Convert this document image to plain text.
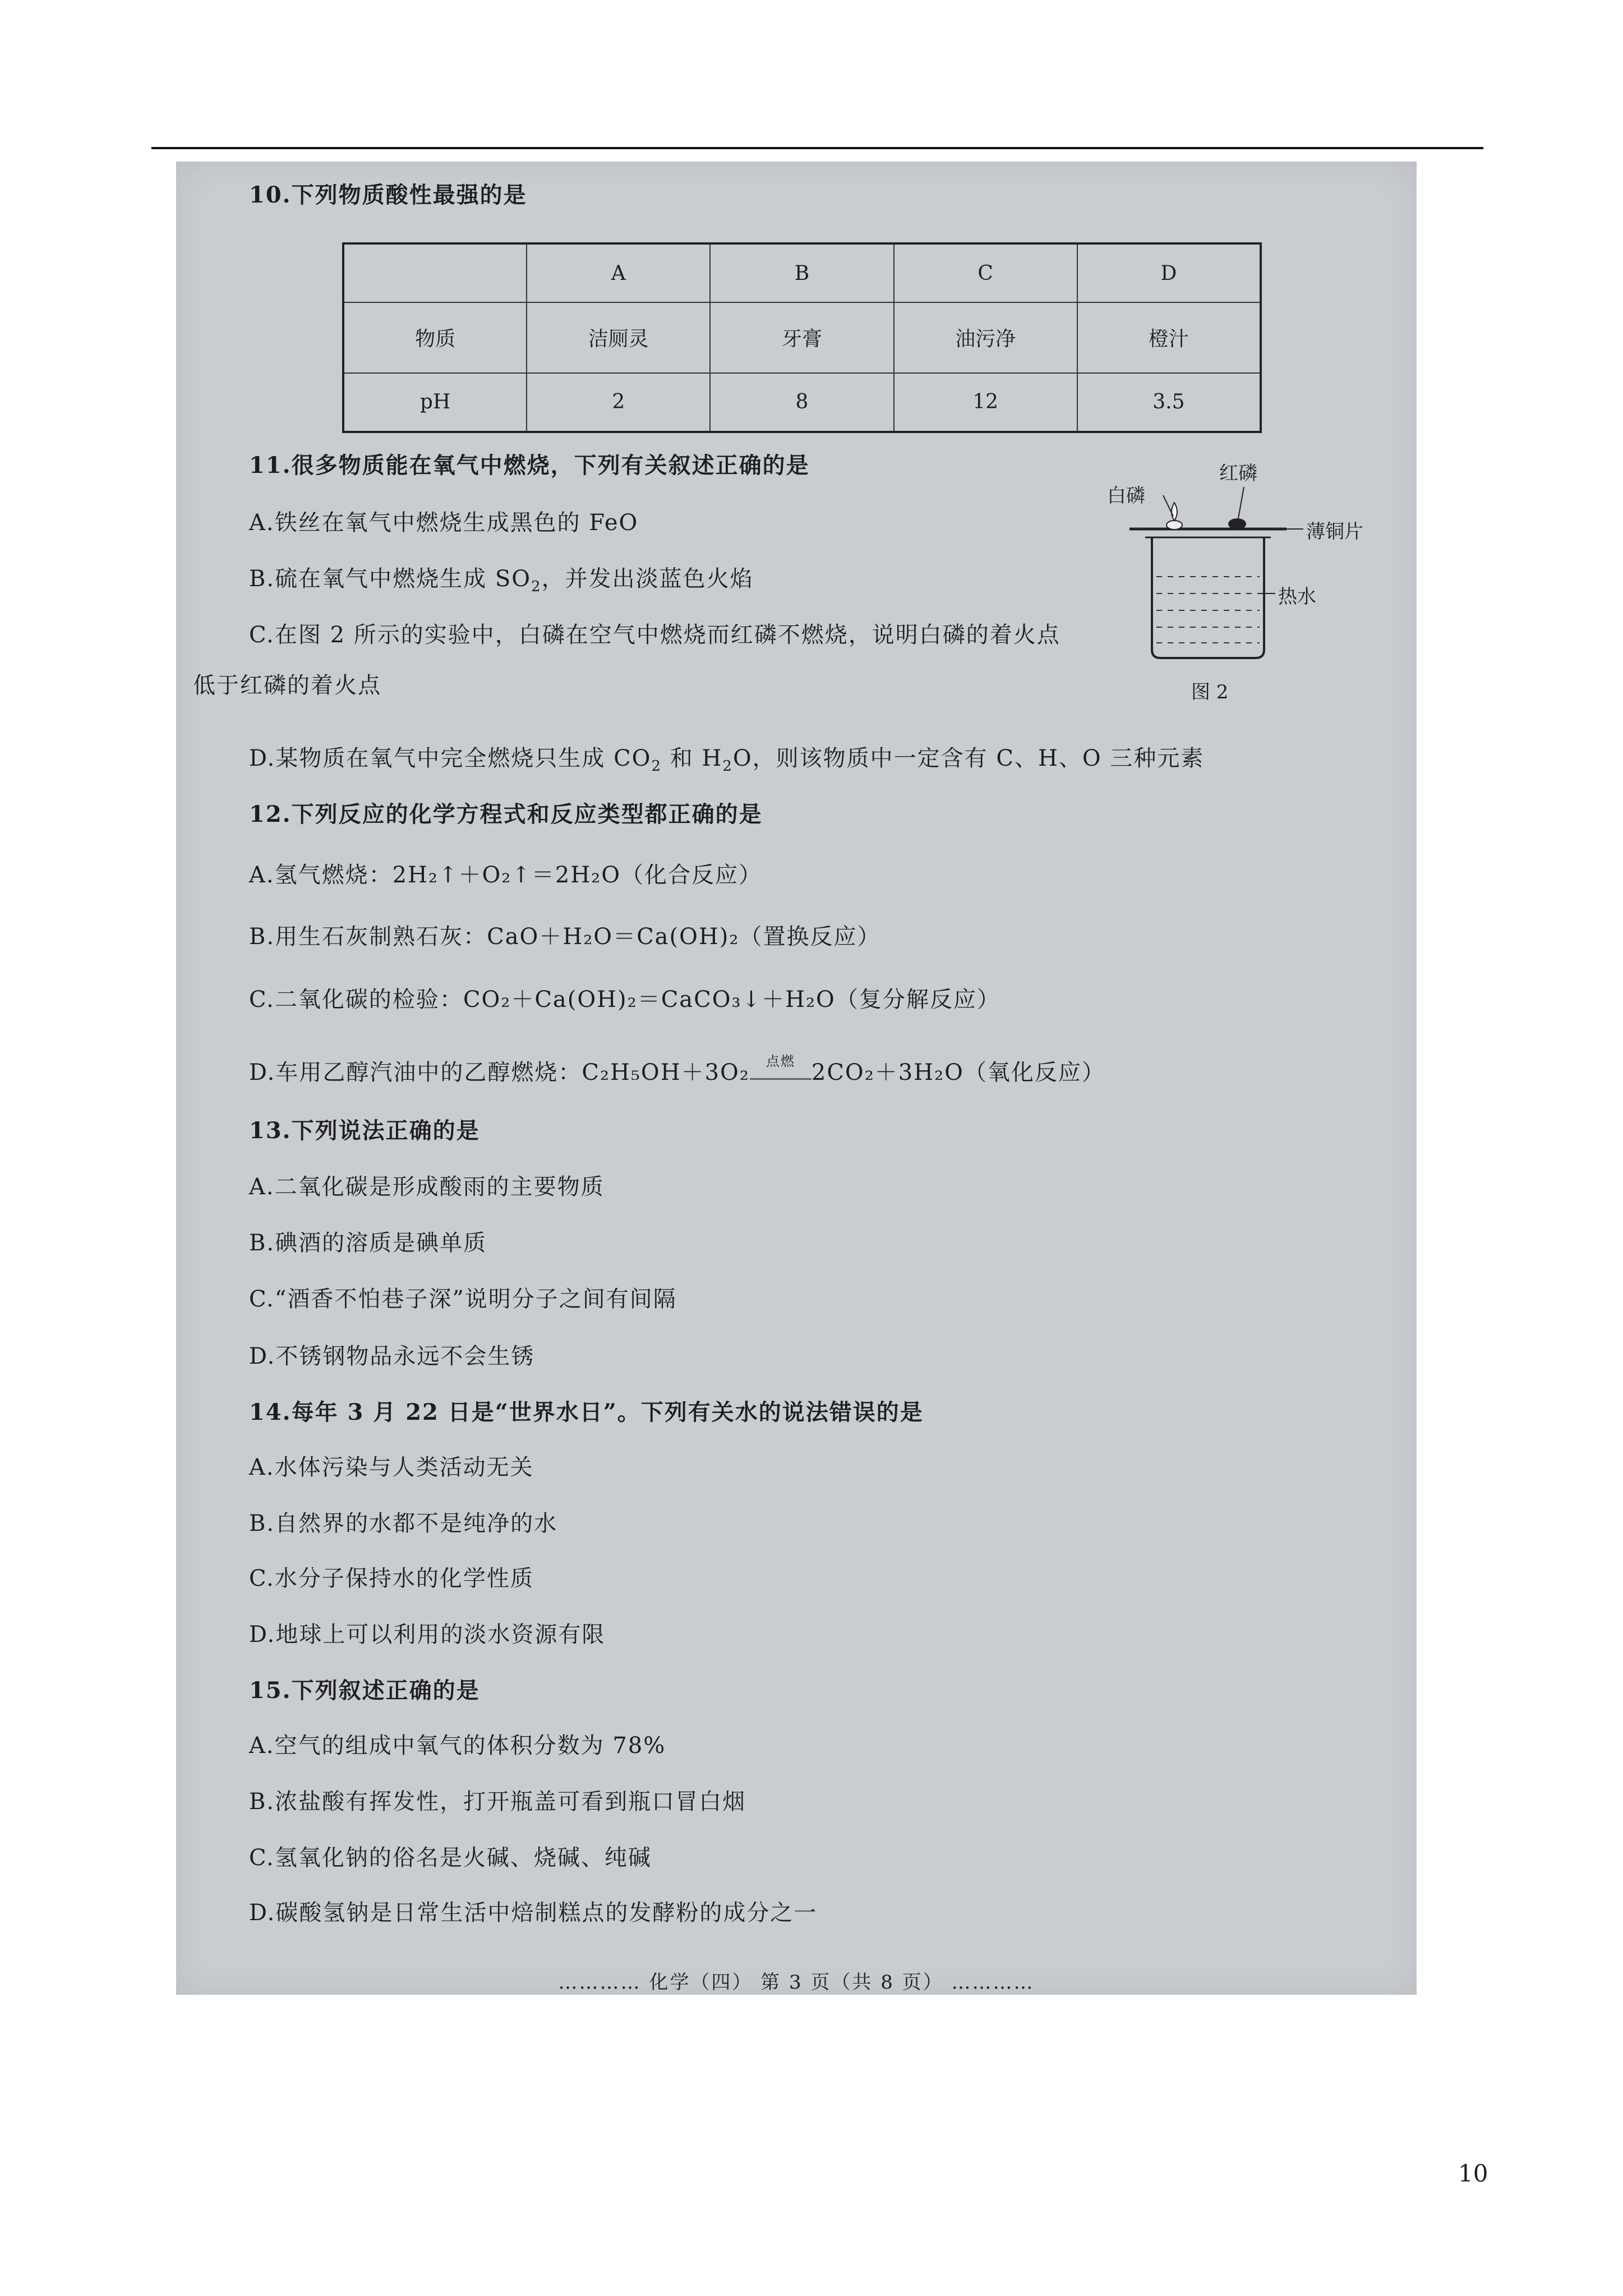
10.下列物质酸性最强的是
	A	B	C	D
物质	洁厕灵	牙膏	油污净	橙汁
pH	2	8	12	3.5
11.很多物质能在氧气中燃烧，下列有关叙述正确的是
A.铁丝在氧气中燃烧生成黑色的 FeO
B.硫在氧气中燃烧生成 $SO_2$，并发出淡蓝色火焰
C.在图 2 所示的实验中，白磷在空气中燃烧而红磷不燃烧，说明白磷的着火点
低于红磷的着火点
D.某物质在氧气中完全燃烧只生成 $CO_2$ 和 $H_2O$，则该物质中一定含有 C、H、O 三种元素
白磷
红磷
薄铜片
热水
图 2
12.下列反应的化学方程式和反应类型都正确的是
A.氢气燃烧：2H₂↑＋O₂↑＝2H₂O（化合反应）
B.用生石灰制熟石灰：CaO＋H₂O＝Ca(OH)₂（置换反应）
C.二氧化碳的检验：CO₂＋Ca(OH)₂＝CaCO₃↓＋H₂O（复分解反应）
D.车用乙醇汽油中的乙醇燃烧：C₂H₅OH＋3O₂	点燃 2CO₂＋3H₂O（氧化反应）
13.下列说法正确的是
A.二氧化碳是形成酸雨的主要物质
B.碘酒的溶质是碘单质
C.“酒香不怕巷子深”说明分子之间有间隔
D.不锈钢物品永远不会生锈
14.每年 3 月 22 日是“世界水日”。下列有关水的说法错误的是
A.水体污染与人类活动无关
B.自然界的水都不是纯净的水
C.水分子保持水的化学性质
D.地球上可以利用的淡水资源有限
15.下列叙述正确的是
A.空气的组成中氧气的体积分数为 78%
B.浓盐酸有挥发性，打开瓶盖可看到瓶口冒白烟
C.氢氧化钠的俗名是火碱、烧碱、纯碱
D.碳酸氢钠是日常生活中焙制糕点的发酵粉的成分之一
………… 化学（四） 第 3 页（共 8 页） …………
10
